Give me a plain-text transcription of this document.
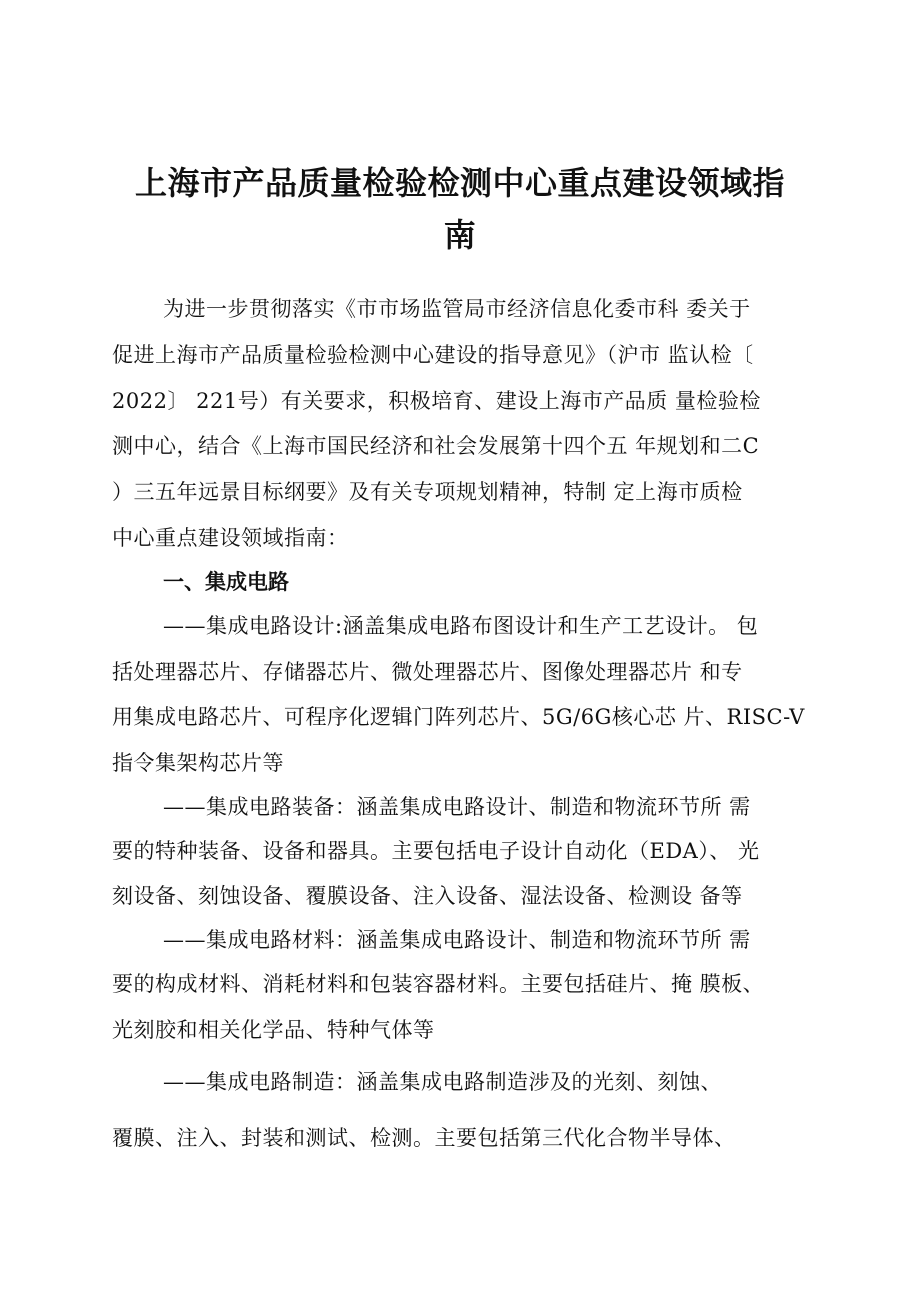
上海市产品质量检验检测中心重点建设领域指
南
为进一步贯彻落实《市市场监管局市经济信息化委市科 委关于
促进上海市产品质量检验检测中心建设的指导意见》（沪市 监认检〔
2022〕 221号）有关要求，积极培育、建设上海市产品质 量检验检
测中心，结合《上海市国民经济和社会发展第十四个五 年规划和二C
）三五年远景目标纲要》及有关专项规划精神，特制 定上海市质检
中心重点建设领域指南：
一、集成电路
——集成电路设计:涵盖集成电路布图设计和生产工艺设计。 包
括处理器芯片、存储器芯片、微处理器芯片、图像处理器芯片 和专
用集成电路芯片、可程序化逻辑门阵列芯片、5G/6G核心芯 片、RISC-V
指令集架构芯片等
——集成电路装备：涵盖集成电路设计、制造和物流环节所 需
要的特种装备、设备和器具。主要包括电子设计自动化（EDA）、 光
刻设备、刻蚀设备、覆膜设备、注入设备、湿法设备、检测设 备等
——集成电路材料：涵盖集成电路设计、制造和物流环节所 需
要的构成材料、消耗材料和包装容器材料。主要包括硅片、掩 膜板、
光刻胶和相关化学品、特种气体等
——集成电路制造：涵盖集成电路制造涉及的光刻、刻蚀、
覆膜、注入、封装和测试、检测。主要包括第三代化合物半导体、
